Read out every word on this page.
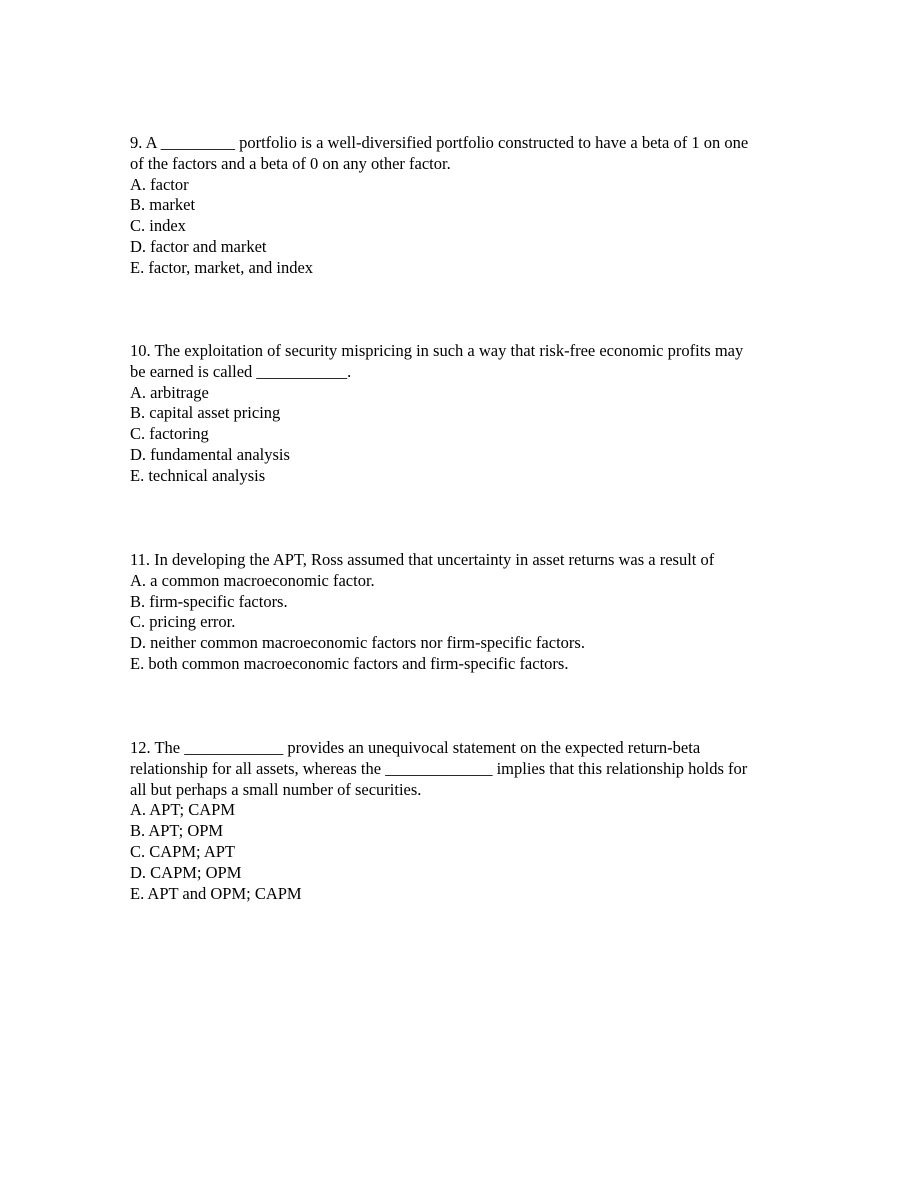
9. A _________ portfolio is a well-diversified portfolio constructed to have a beta of 1 on one
of the factors and a beta of 0 on any other factor.
A. factor
B. market
C. index
D. factor and market
E. factor, market, and index
10. The exploitation of security mispricing in such a way that risk-free economic profits may
be earned is called ___________.
A. arbitrage
B. capital asset pricing
C. factoring
D. fundamental analysis
E. technical analysis
11. In developing the APT, Ross assumed that uncertainty in asset returns was a result of
A. a common macroeconomic factor.
B. firm-specific factors.
C. pricing error.
D. neither common macroeconomic factors nor firm-specific factors.
E. both common macroeconomic factors and firm-specific factors.
12. The ____________ provides an unequivocal statement on the expected return-beta
relationship for all assets, whereas the _____________ implies that this relationship holds for
all but perhaps a small number of securities.
A. APT; CAPM
B. APT; OPM
C. CAPM; APT
D. CAPM; OPM
E. APT and OPM; CAPM
